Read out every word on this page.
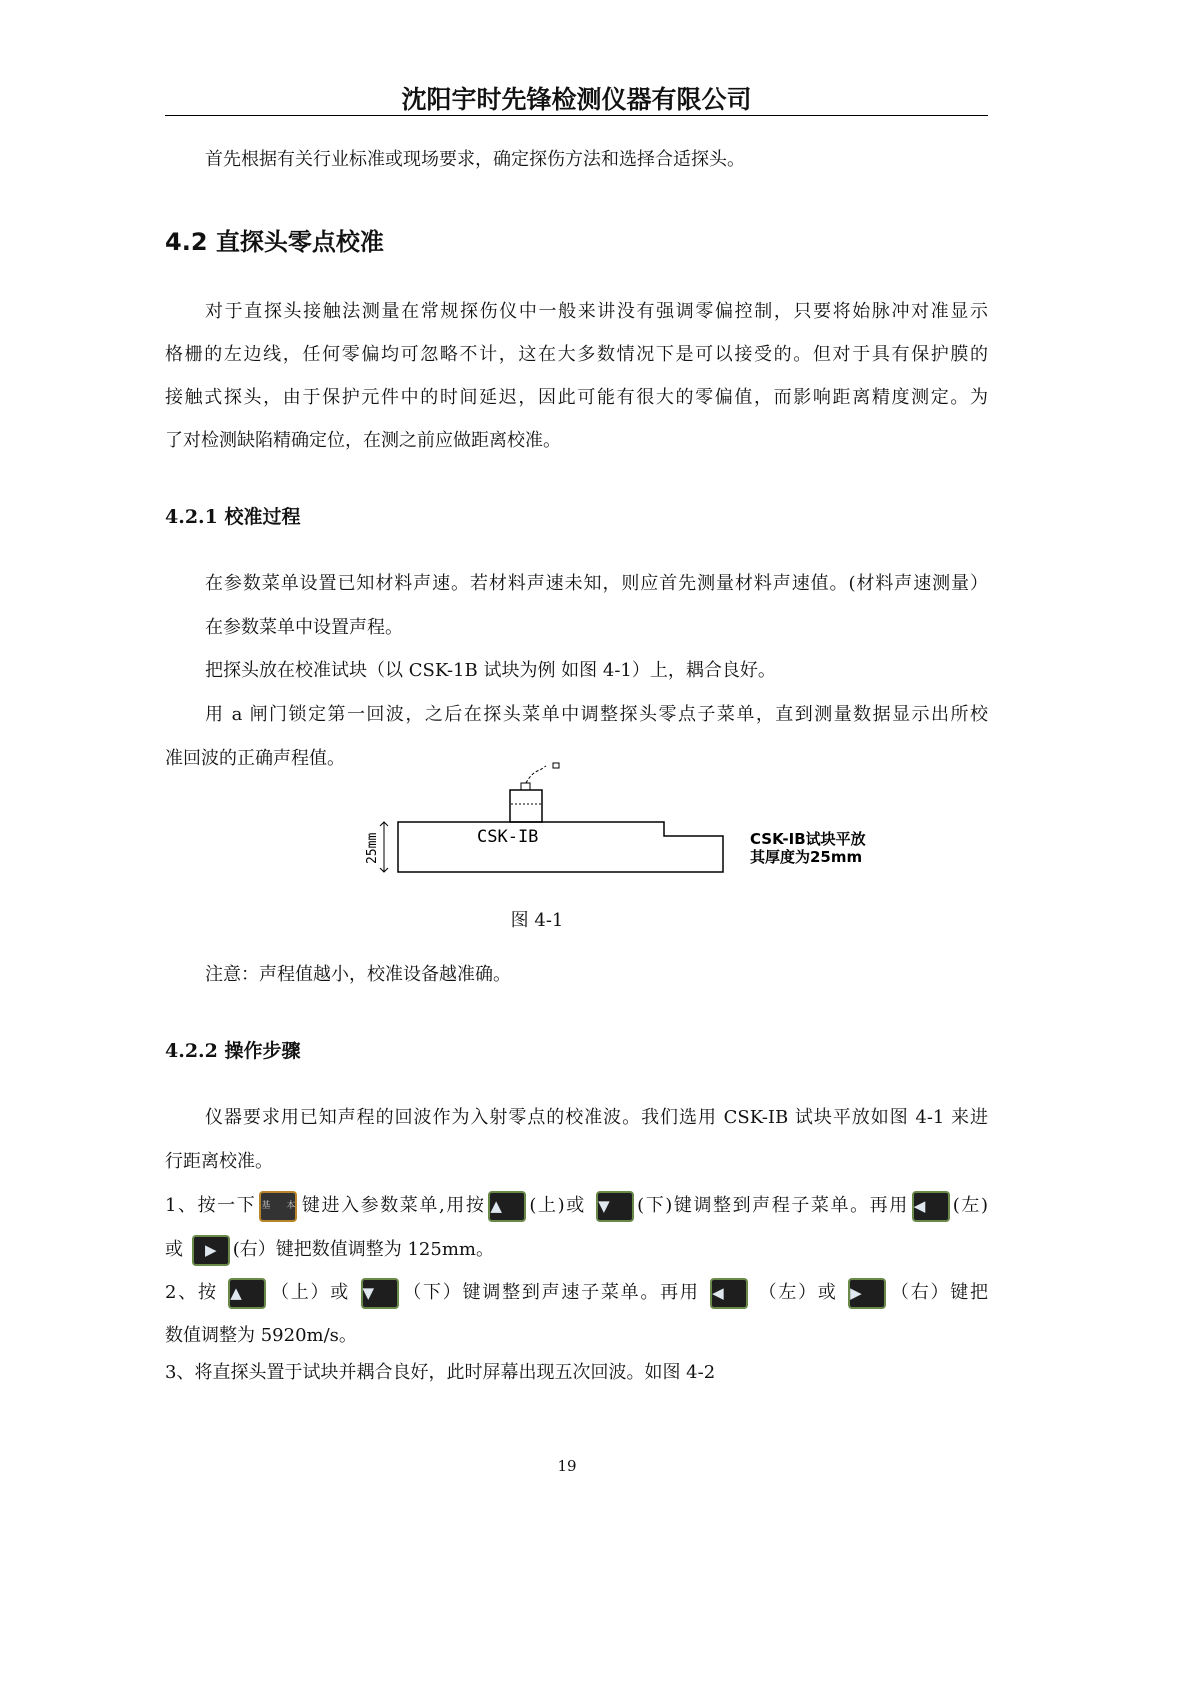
沈阳宇时先锋检测仪器有限公司
首先根据有关行业标准或现场要求，确定探伤方法和选择合适探头。
4.2 直探头零点校准
对于直探头接触法测量在常规探伤仪中一般来讲没有强调零偏控制，只要将始脉冲对准显示
格栅的左边线，任何零偏均可忽略不计，这在大多数情况下是可以接受的。但对于具有保护膜的
接触式探头，由于保护元件中的时间延迟，因此可能有很大的零偏值，而影响距离精度测定。为
了对检测缺陷精确定位，在测之前应做距离校准。
4.2.1 校准过程
在参数菜单设置已知材料声速。若材料声速未知，则应首先测量材料声速值。(材料声速测量）
在参数菜单中设置声程。
把探头放在校准试块（以 CSK-1B 试块为例 如图 4-1）上，耦合良好。
用 a 闸门锁定第一回波，之后在探头菜单中调整探头零点子菜单，直到测量数据显示出所校
准回波的正确声程值。
25mm	CSK-IB	CSK-IB试块平放
其厚度为25mm
图 4-1
注意：声程值越小，校准设备越准确。
4.2.2 操作步骤
仪器要求用已知声程的回波作为入射零点的校准波。我们选用 CSK-IB 试块平放如图 4-1 来进
行距离校准。
1、按一下 基本 键进入参数菜单,用按 ▲ (上)或 ▼ (下)键调整到声程子菜单。再用 ◀ (左)
或 ▶ (右）键把数值调整为 125mm。
2、按 ▲ （上）或 ▼ （下）键调整到声速子菜单。再用 ◀ （左）或 ▶ （右）键把
数值调整为 5920m/s。
3、将直探头置于试块并耦合良好，此时屏幕出现五次回波。如图 4-2
19
